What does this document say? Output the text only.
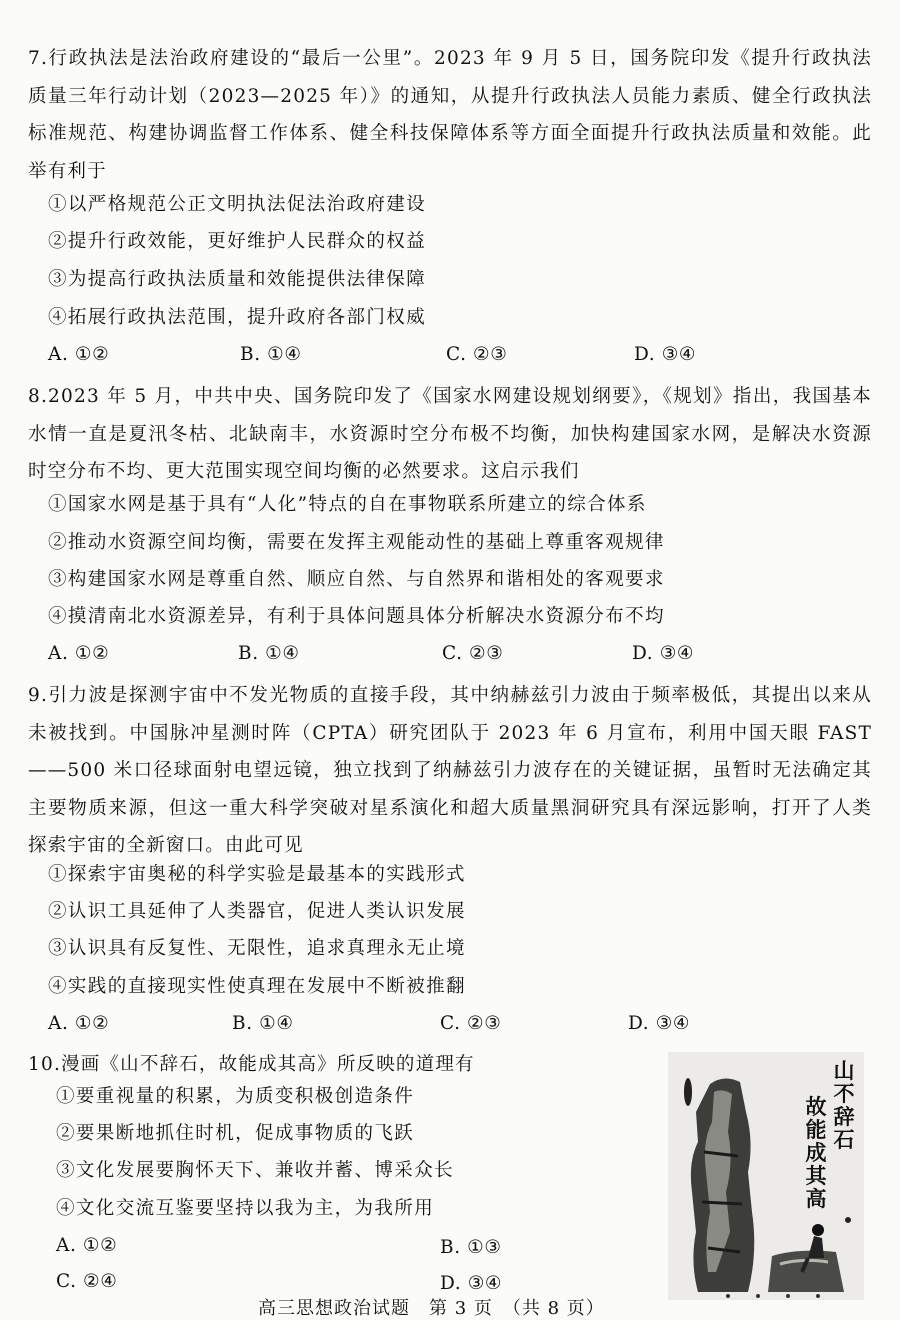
7.行政执法是法治政府建设的“最后一公里”。2023 年 9 月 5 日，国务院印发《提升行政执法质量三年行动计划（2023—2025 年）》的通知，从提升行政执法人员能力素质、健全行政执法标准规范、构建协调监督工作体系、健全科技保障体系等方面全面提升行政执法质量和效能。此举有利于

①以严格规范公正文明执法促法治政府建设

②提升行政效能，更好维护人民群众的权益

③为提高行政执法质量和效能提供法律保障

④拓展行政执法范围，提升政府各部门权威

A. ①②	B. ①④	C. ②③	D. ③④

8.2023 年 5 月，中共中央、国务院印发了《国家水网建设规划纲要》，《规划》指出，我国基本水情一直是夏汛冬枯、北缺南丰，水资源时空分布极不均衡，加快构建国家水网，是解决水资源时空分布不均、更大范围实现空间均衡的必然要求。这启示我们

①国家水网是基于具有“人化”特点的自在事物联系所建立的综合体系

②推动水资源空间均衡，需要在发挥主观能动性的基础上尊重客观规律

③构建国家水网是尊重自然、顺应自然、与自然界和谐相处的客观要求

④摸清南北水资源差异，有利于具体问题具体分析解决水资源分布不均

A. ①②	B. ①④	C. ②③	D. ③④

9.引力波是探测宇宙中不发光物质的直接手段，其中纳赫兹引力波由于频率极低，其提出以来从未被找到。中国脉冲星测时阵（CPTA）研究团队于 2023 年 6 月宣布，利用中国天眼 FAST——500 米口径球面射电望远镜，独立找到了纳赫兹引力波存在的关键证据，虽暂时无法确定其主要物质来源，但这一重大科学突破对星系演化和超大质量黑洞研究具有深远影响，打开了人类探索宇宙的全新窗口。由此可见

①探索宇宙奥秘的科学实验是最基本的实践形式

②认识工具延伸了人类器官，促进人类认识发展

③认识具有反复性、无限性，追求真理永无止境

④实践的直接现实性使真理在发展中不断被推翻

A. ①②	B. ①④	C. ②③	D. ③④

10.漫画《山不辞石，故能成其高》所反映的道理有

①要重视量的积累，为质变积极创造条件

②要果断地抓住时机，促成事物质的飞跃

③文化发展要胸怀天下、兼收并蓄、博采众长

④文化交流互鉴要坚持以我为主，为我所用

A. ①②	B. ①③
C. ②④	D. ③④
山不辞石
故能成其高
高三思想政治试题　第 3 页　（共 8 页）
